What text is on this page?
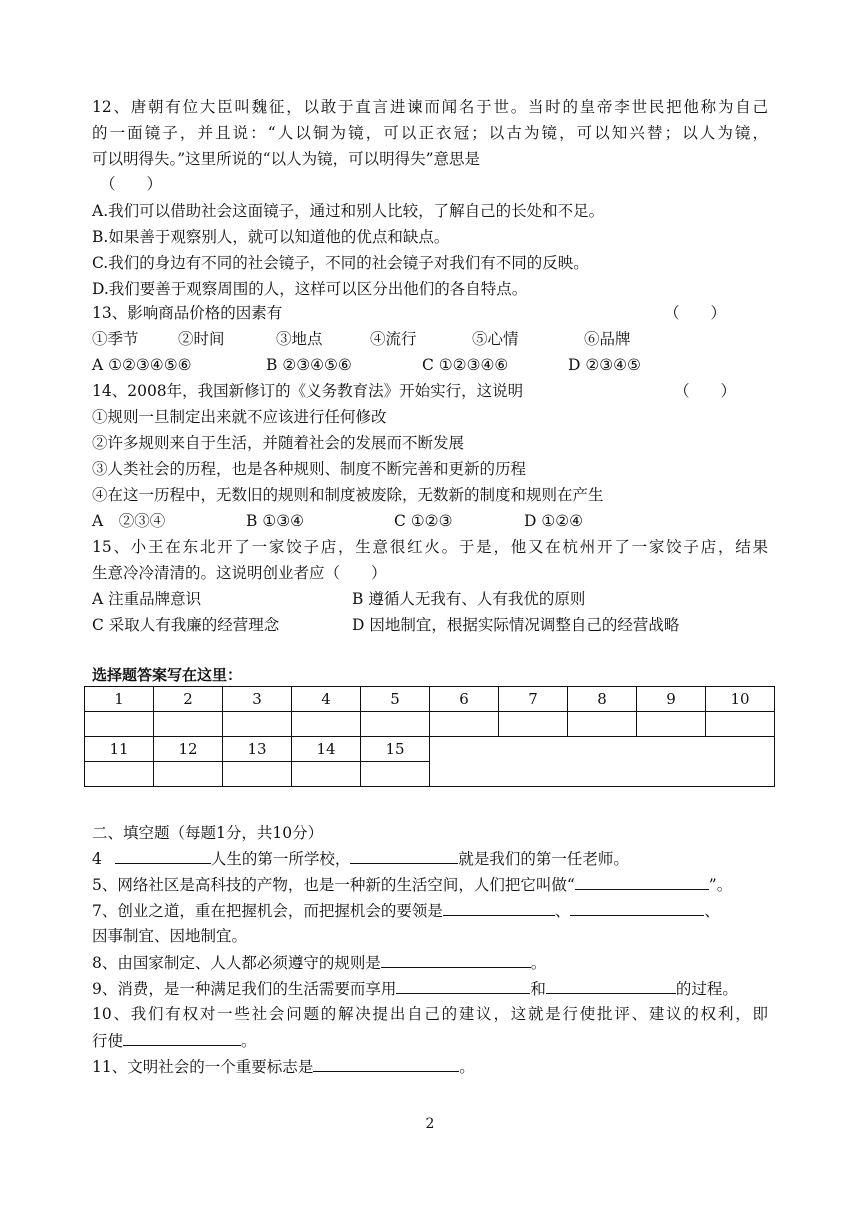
12、唐朝有位大臣叫魏征，以敢于直言进谏而闻名于世。当时的皇帝李世民把他称为自己
的一面镜子，并且说：“人以铜为镜，可以正衣冠；以古为镜，可以知兴替；以人为镜，
可以明得失。”这里所说的“以人为镜，可以明得失”意思是
（　　）
A.我们可以借助社会这面镜子，通过和别人比较，了解自己的长处和不足。
B.如果善于观察别人，就可以知道他的优点和缺点。
C.我们的身边有不同的社会镜子，不同的社会镜子对我们有不同的反映。
D.我们要善于观察周围的人，这样可以区分出他们的各自特点。
13、影响商品价格的因素有	（　　）
①季节	②时间	③地点	④流行	⑤心情	⑥品牌
A ①②③④⑤⑥	B ②③④⑤⑥	C ①②③④⑥	D ②③④⑤
14、2008年，我国新修订的《义务教育法》开始实行，这说明	（　　）
①规则一旦制定出来就不应该进行任何修改
②许多规则来自于生活，并随着社会的发展而不断发展
③人类社会的历程，也是各种规则、制度不断完善和更新的历程
④在这一历程中，无数旧的规则和制度被废除，无数新的制度和规则在产生
A　②③④	B ①③④	C ①②③	D ①②④
15、小王在东北开了一家饺子店，生意很红火。于是，他又在杭州开了一家饺子店，结果
生意冷冷清清的。这说明创业者应（　　）
A 注重品牌意识	B 遵循人无我有、人有我优的原则
C 采取人有我廉的经营理念	D 因地制宜，根据实际情况调整自己的经营战略
选择题答案写在这里：
1	2	3	4	5	6	7	8	9	10

11	12	13	14	15					

二、填空题（每题1分，共10分）
4	人生的第一所学校，	就是我们的第一任老师。
5、网络社区是高科技的产物，也是一种新的生活空间，人们把它叫做“	”。
7、创业之道，重在把握机会，而把握机会的要领是	、	、
因事制宜、因地制宜。
8、由国家制定、人人都必须遵守的规则是	。
9、消费，是一种满足我们的生活需要而享用	和	的过程。
10、我们有权对一些社会问题的解决提出自己的建议，这就是行使批评、建议的权利，即
行使	。
11、文明社会的一个重要标志是	。
2
